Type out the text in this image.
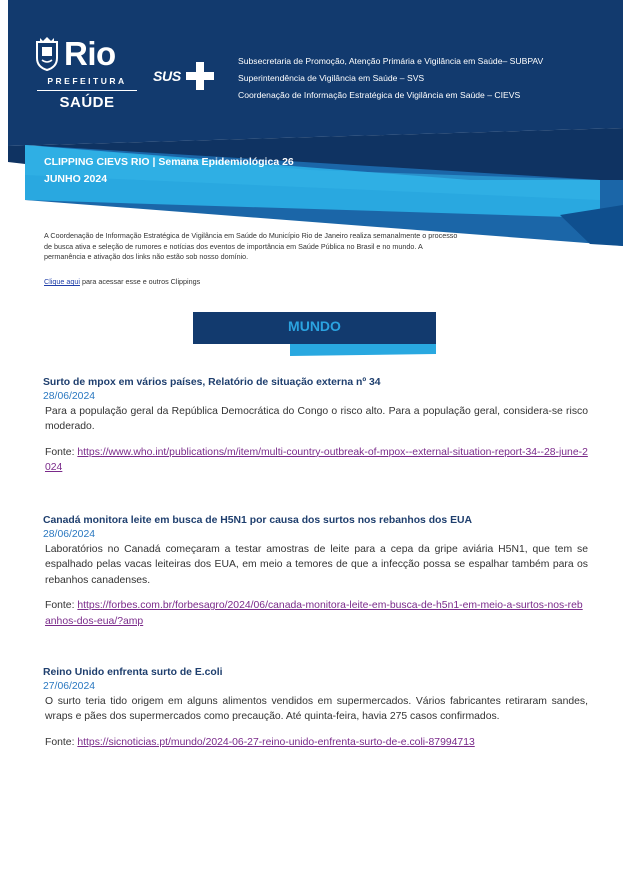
Rio
PREFEITURA
SAÚDE
SUS
Subsecretaria de Promoção, Atenção Primária e Vigilância em Saúde– SUBPAV
Superintendência de Vigilância em Saúde – SVS
Coordenação de Informação Estratégica de Vigilância em Saúde – CIEVS
CLIPPING CIEVS RIO | Semana Epidemiológica 26
JUNHO 2024
A Coordenação de Informação Estratégica de Vigilância em Saúde do Município Rio de Janeiro realiza semanalmente o processo de busca ativa e seleção de rumores e notícias dos eventos de importância em Saúde Pública no Brasil e no mundo. A permanência e ativação dos links não estão sob nosso domínio.
Clique aqui para acessar esse e outros Clippings
MUNDO
Surto de mpox em vários países, Relatório de situação externa nº 34
28/06/2024
Para a população geral da República Democrática do Congo o risco alto. Para a população geral, considera-se risco moderado.
Fonte: https://www.who.int/publications/m/item/multi-country-outbreak-of-mpox--external-situation-report-34--28-june-2024
Canadá monitora leite em busca de H5N1 por causa dos surtos nos rebanhos dos EUA
28/06/2024
Laboratórios no Canadá começaram a testar amostras de leite para a cepa da gripe aviária H5N1, que tem se espalhado pelas vacas leiteiras dos EUA, em meio a temores de que a infecção possa se espalhar também para os rebanhos canadenses.
Fonte: https://forbes.com.br/forbesagro/2024/06/canada-monitora-leite-em-busca-de-h5n1-em-meio-a-surtos-nos-rebanhos-dos-eua/?amp
Reino Unido enfrenta surto de E.coli
27/06/2024
O surto teria tido origem em alguns alimentos vendidos em supermercados. Vários fabricantes retiraram sandes, wraps e pães dos supermercados como precaução. Até quinta-feira, havia 275 casos confirmados.
Fonte: https://sicnoticias.pt/mundo/2024-06-27-reino-unido-enfrenta-surto-de-e.coli-87994713
